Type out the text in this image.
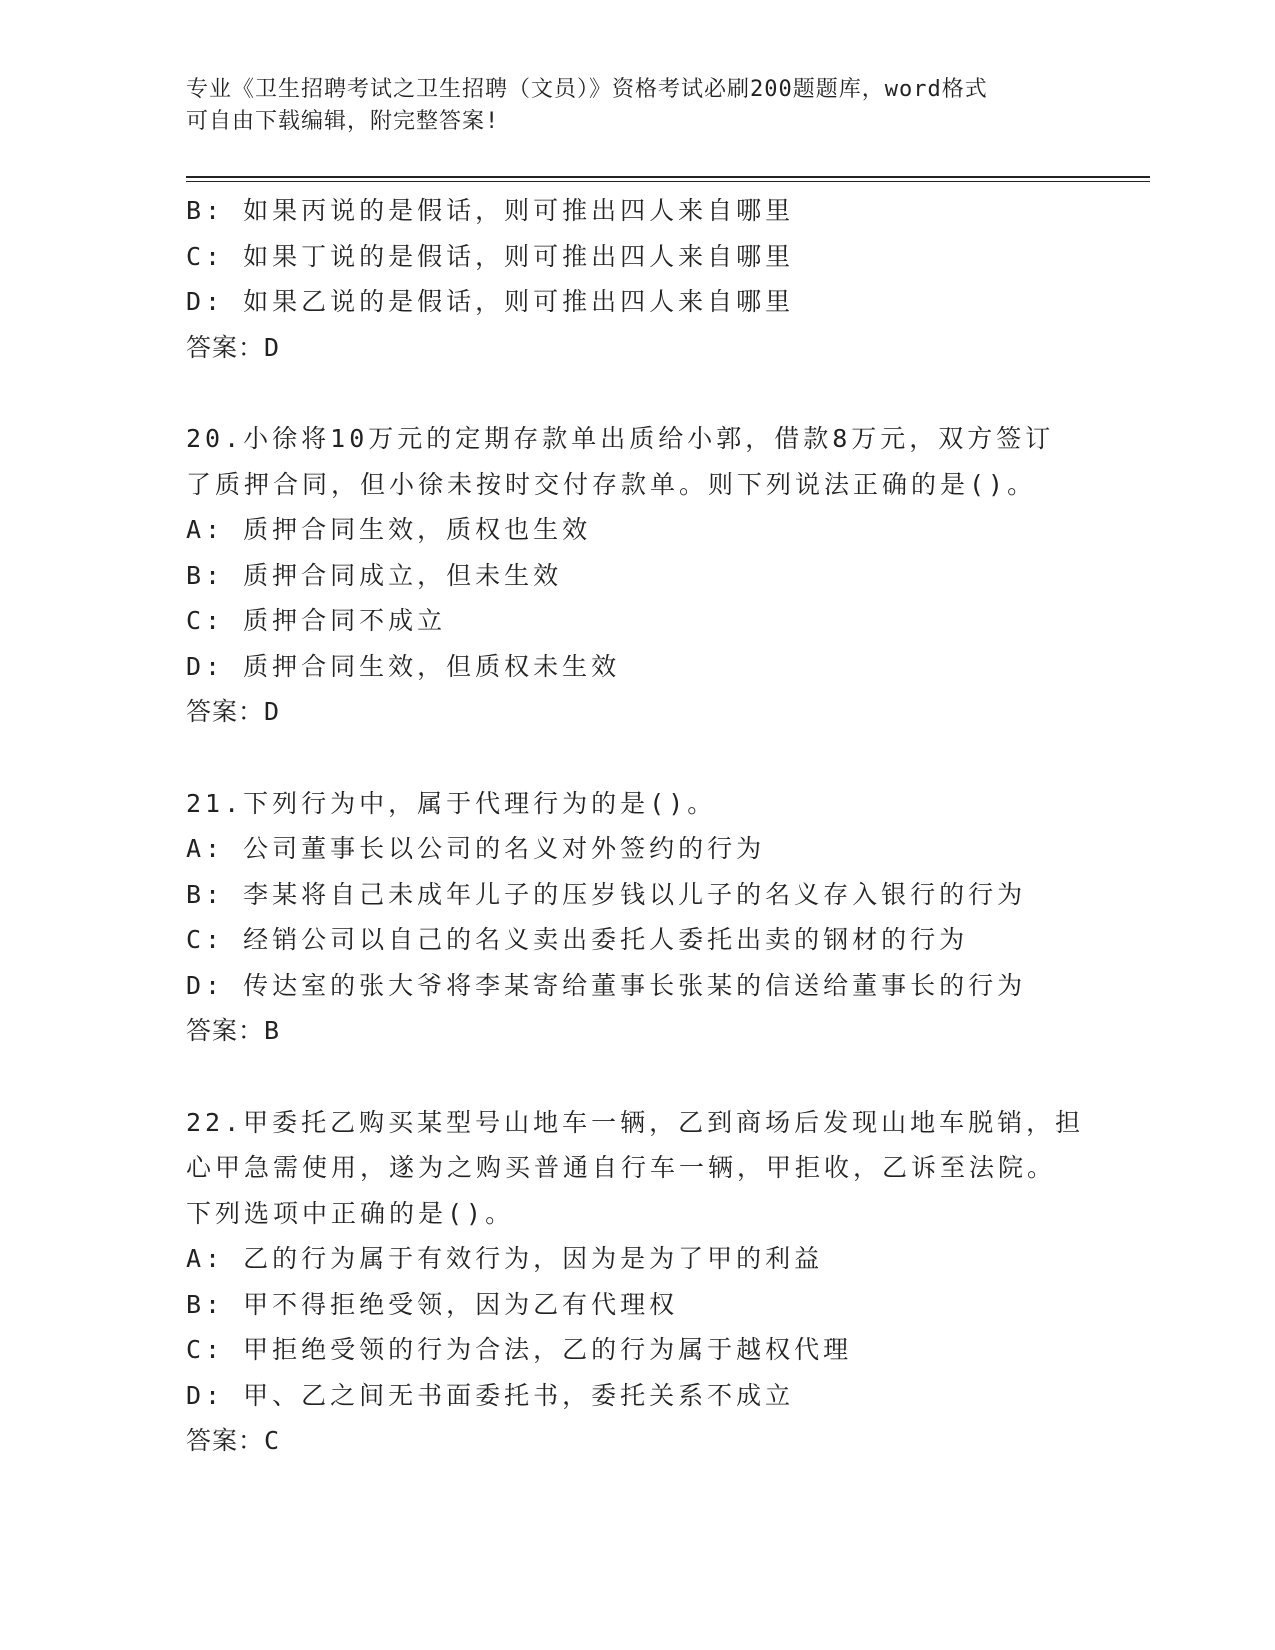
专业《卫生招聘考试之卫生招聘（文员）》资格考试必刷200题题库，word格式
可自由下载编辑，附完整答案!
B: 如果丙说的是假话，则可推出四人来自哪里
C: 如果丁说的是假话，则可推出四人来自哪里
D: 如果乙说的是假话，则可推出四人来自哪里
答案：D
20.小徐将10万元的定期存款单出质给小郭，借款8万元，双方签订
了质押合同，但小徐未按时交付存款单。则下列说法正确的是()。
A: 质押合同生效，质权也生效
B: 质押合同成立，但未生效
C: 质押合同不成立
D: 质押合同生效，但质权未生效
答案：D
21.下列行为中，属于代理行为的是()。
A: 公司董事长以公司的名义对外签约的行为
B: 李某将自己未成年儿子的压岁钱以儿子的名义存入银行的行为
C: 经销公司以自己的名义卖出委托人委托出卖的钢材的行为
D: 传达室的张大爷将李某寄给董事长张某的信送给董事长的行为
答案：B
22.甲委托乙购买某型号山地车一辆，乙到商场后发现山地车脱销，担
心甲急需使用，遂为之购买普通自行车一辆，甲拒收，乙诉至法院。
下列选项中正确的是()。
A: 乙的行为属于有效行为，因为是为了甲的利益
B: 甲不得拒绝受领，因为乙有代理权
C: 甲拒绝受领的行为合法，乙的行为属于越权代理
D: 甲、乙之间无书面委托书，委托关系不成立
答案：C
